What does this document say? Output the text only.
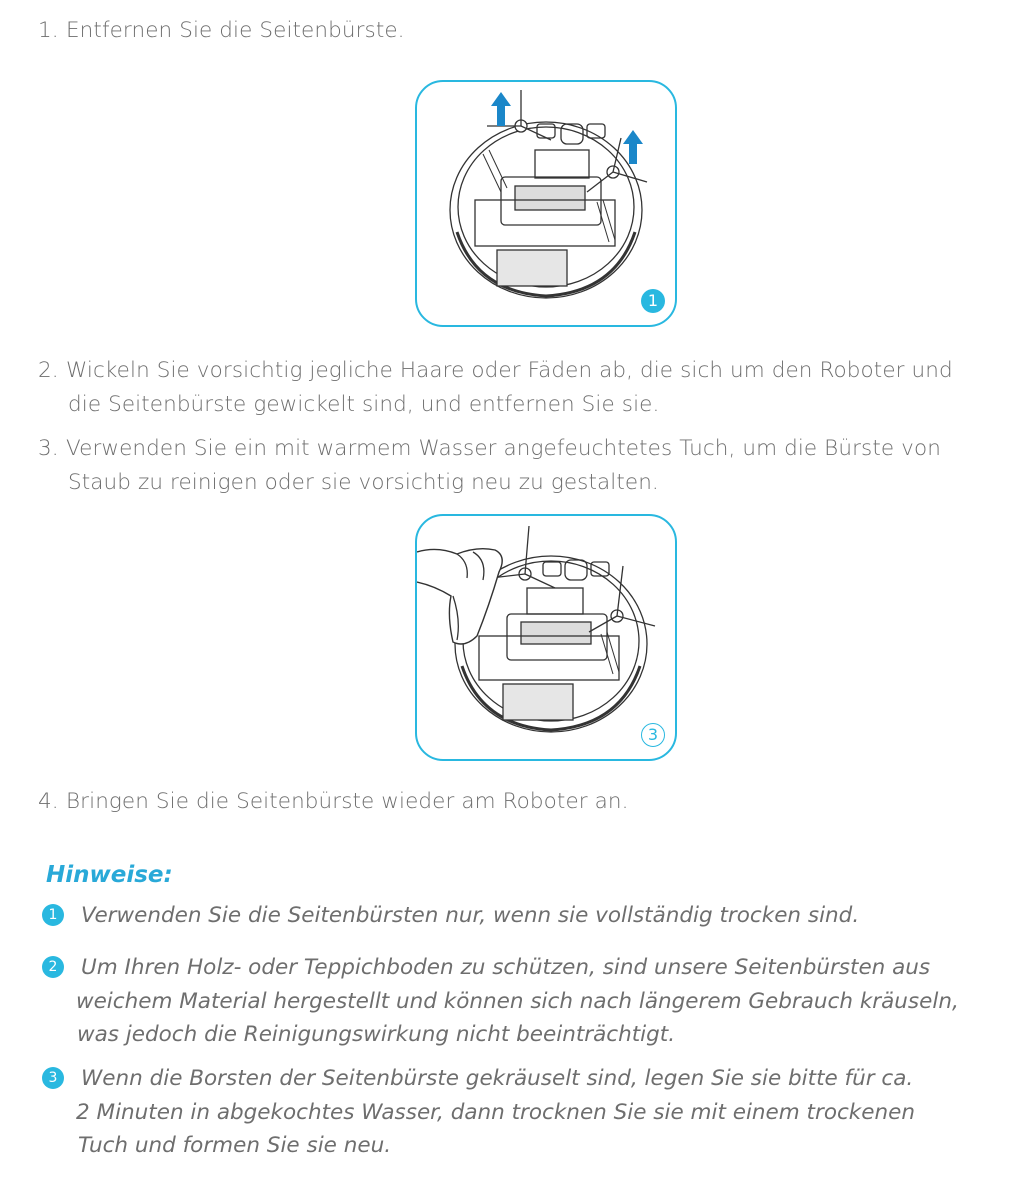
1. Entfernen Sie die Seitenbürste.
1
2. Wickeln Sie vorsichtig jegliche Haare oder Fäden ab, die sich um den Roboter und
die Seitenbürste gewickelt sind, und entfernen Sie sie.
3. Verwenden Sie ein mit warmem Wasser angefeuchtetes Tuch, um die Bürste von
Staub zu reinigen oder sie vorsichtig neu zu gestalten.
3
4. Bringen Sie die Seitenbürste wieder am Roboter an.
Hinweise:
1	Verwenden Sie die Seitenbürsten nur, wenn sie vollständig trocken sind.
2	Um Ihren Holz- oder Teppichboden zu schützen, sind unsere Seitenbürsten aus
weichem Material hergestellt und können sich nach längerem Gebrauch kräuseln,
was jedoch die Reinigungswirkung nicht beeinträchtigt.
3	Wenn die Borsten der Seitenbürste gekräuselt sind, legen Sie sie bitte für ca.
2 Minuten in abgekochtes Wasser, dann trocknen Sie sie mit einem trockenen
Tuch und formen Sie sie neu.
